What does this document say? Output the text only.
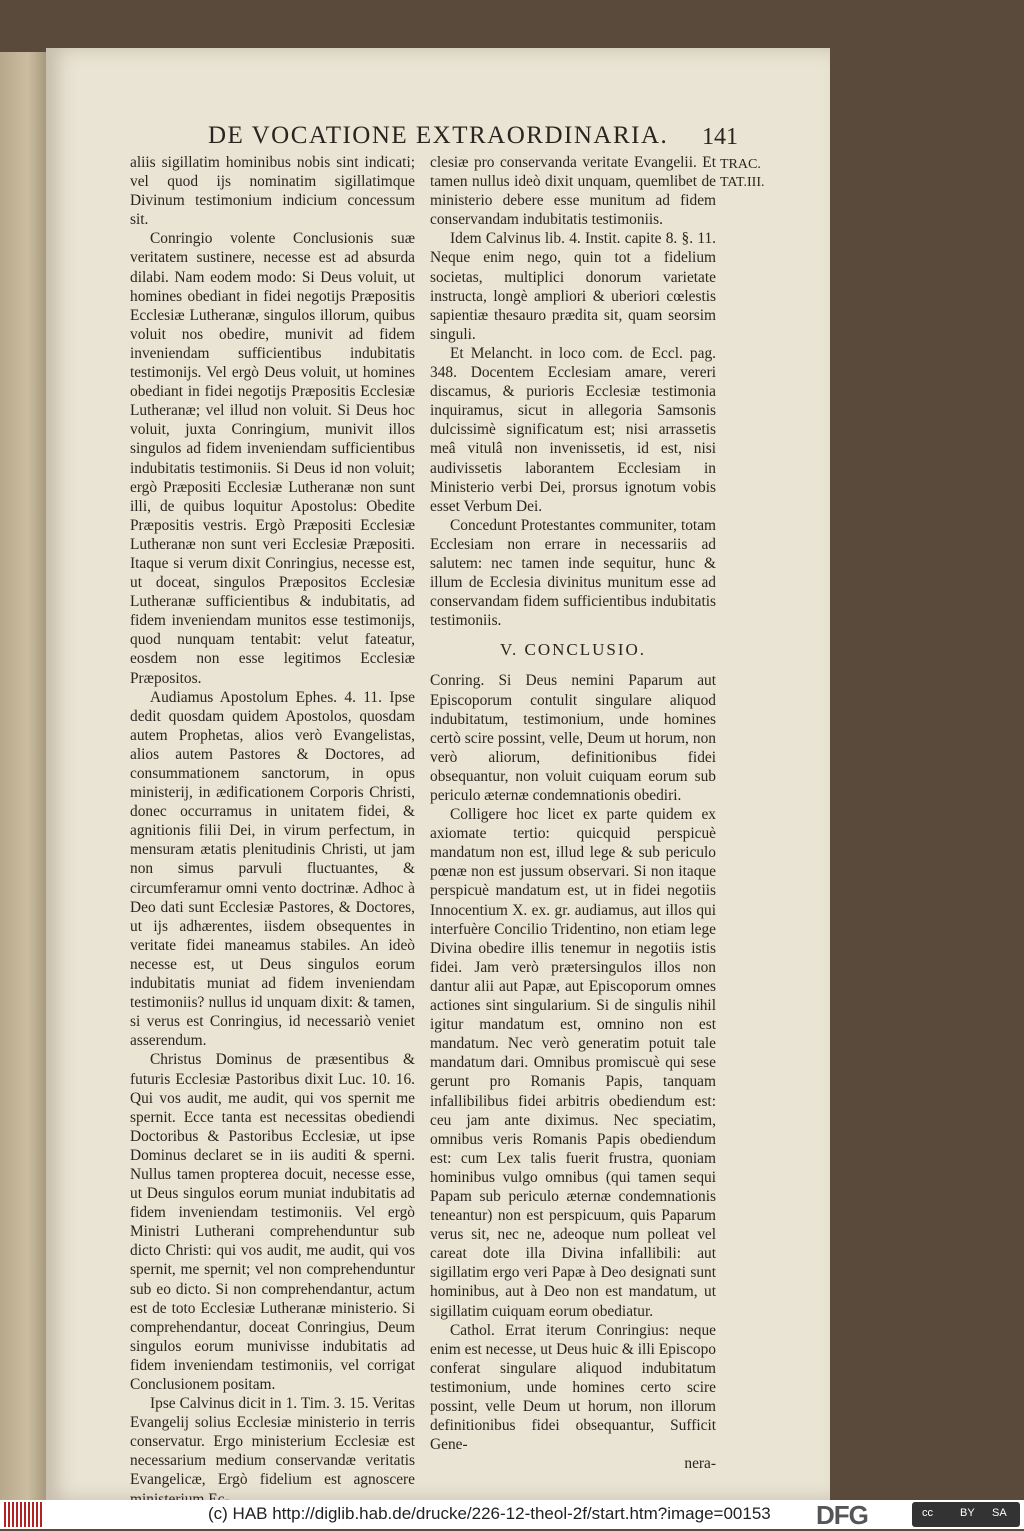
DE VOCATIONE EXTRAORDINARIA.	141
TRAC. TAT.III.

aliis sigillatim hominibus nobis sint indicati; vel quod ijs nominatim sigillatimque Divinum testimonium indicium concessum sit.

Conringio volente Conclusionis suæ veritatem sustinere, necesse est ad absurda dilabi. Nam eodem modo: Si Deus voluit, ut homines obediant in fidei negotijs Præpositis Ecclesiæ Lutheranæ, singulos illorum, quibus voluit nos obedire, munivit ad fidem inveniendam sufficientibus indubitatis testimonijs. Vel ergò Deus voluit, ut homines obediant in fidei negotijs Præpositis Ecclesiæ Lutheranæ; vel illud non voluit. Si Deus hoc voluit, juxta Conringium, munivit illos singulos ad fidem inveniendam sufficientibus indubitatis testimoniis. Si Deus id non voluit; ergò Præpositi Ecclesiæ Lutheranæ non sunt illi, de quibus loquitur Apostolus: Obedite Præpositis vestris. Ergò Præpositi Ecclesiæ Lutheranæ non sunt veri Ecclesiæ Præpositi. Itaque si verum dixit Conringius, necesse est, ut doceat, singulos Præpositos Ecclesiæ Lutheranæ sufficientibus & indubitatis, ad fidem inveniendam munitos esse testimonijs, quod nunquam tentabit: velut fateatur, eosdem non esse legitimos Ecclesiæ Præpositos.

Audiamus Apostolum Ephes. 4. 11. Ipse dedit quosdam quidem Apostolos, quosdam autem Prophetas, alios verò Evangelistas, alios autem Pastores & Doctores, ad consummationem sanctorum, in opus ministerij, in ædificationem Corporis Christi, donec occurramus in unitatem fidei, & agnitionis filii Dei, in virum perfectum, in mensuram ætatis plenitudinis Christi, ut jam non simus parvuli fluctuantes, & circumferamur omni vento doctrinæ. Adhoc à Deo dati sunt Ecclesiæ Pastores, & Doctores, ut ijs adhærentes, iisdem obsequentes in veritate fidei maneamus stabiles. An ideò necesse est, ut Deus singulos eorum indubitatis muniat ad fidem inveniendam testimoniis? nullus id unquam dixit: & tamen, si verus est Conringius, id necessariò veniet asserendum.

Christus Dominus de præsentibus & futuris Ecclesiæ Pastoribus dixit Luc. 10. 16. Qui vos audit, me audit, qui vos spernit me spernit. Ecce tanta est necessitas obediendi Doctoribus & Pastoribus Ecclesiæ, ut ipse Dominus declaret se in iis auditi & sperni. Nullus tamen propterea docuit, necesse esse, ut Deus singulos eorum muniat indubitatis ad fidem inveniendam testimoniis. Vel ergò Ministri Lutherani comprehenduntur sub dicto Christi: qui vos audit, me audit, qui vos spernit, me spernit; vel non comprehenduntur sub eo dicto. Si non comprehendantur, actum est de toto Ecclesiæ Lutheranæ ministerio. Si comprehendantur, doceat Conringius, Deum singulos eorum munivisse indubitatis ad fidem inveniendam testimoniis, vel corrigat Conclusionem positam.

Ipse Calvinus dicit in 1. Tim. 3. 15. Veritas Evangelij solius Ecclesiæ ministerio in terris conservatur. Ergo ministerium Ecclesiæ est necessarium medium conservandæ veritatis Evangelicæ, Ergò fidelium est agnoscere

clesiæ pro conservanda veritate Evangelii. Et tamen nullus ideò dixit unquam, quemlibet de ministerio debere esse munitum ad fidem conservandam indubitatis testimoniis.

Idem Calvinus lib. 4. Instit. capite 8. §. 11. Neque enim nego, quin tot a fidelium societas, multiplici donorum varietate instructa, longè ampliori & uberiori cœlestis sapientiæ thesauro prædita sit, quam seorsim singuli.

Et Melancht. in loco com. de Eccl. pag. 348. Docentem Ecclesiam amare, vereri discamus, & purioris Ecclesiæ testimonia inquiramus, sicut in allegoria Samsonis dulcissimè significatum est; nisi arrassetis meâ vitulâ non invenissetis, id est, nisi audivissetis laborantem Ecclesiam in Ministerio verbi Dei, prorsus ignotum vobis esset Verbum Dei.

Concedunt Protestantes communiter, totam Ecclesiam non errare in necessariis ad salutem: nec tamen inde sequitur, hunc & illum de Ecclesia divinitus munitum esse ad conservandam fidem sufficientibus indubitatis testimoniis.

V. CONCLUSIO.

Conring. Si Deus nemini Paparum aut Episcoporum contulit singulare aliquod indubitatum, testimonium, unde homines certò scire possint, velle, Deum ut horum, non verò aliorum, definitionibus fidei obsequantur, non voluit cuiquam eorum sub periculo æternæ condemnationis obediri.

Colligere hoc licet ex parte quidem ex axiomate tertio: quicquid perspicuè mandatum non est, illud lege & sub periculo pœnæ non est jussum observari. Si non itaque perspicuè mandatum est, ut in fidei negotiis Innocentium X. ex. gr. audiamus, aut illos qui interfuère Concilio Tridentino, non etiam lege Divina obedire illis tenemur in negotiis istis fidei. Jam verò prætersingulos illos non dantur alii aut Papæ, aut Episcoporum omnes actiones sint singularium. Si de singulis nihil igitur mandatum est, omnino non est mandatum. Nec verò generatim potuit tale mandatum dari. Omnibus promiscuè qui sese gerunt pro Romanis Papis, tanquam infallibilibus fidei arbitris obediendum est: ceu jam ante diximus. Nec speciatim, omnibus veris Romanis Papis obediendum est: cum Lex talis fuerit frustra, quoniam hominibus vulgo omnibus (qui tamen sequi Papam sub periculo æternæ condemnationis teneantur) non est perspicuum, quis Paparum verus sit, nec ne, adeoque num polleat vel careat dote illa Divina infallibili: aut sigillatim ergo veri Papæ à Deo designati sunt hominibus, aut à Deo non est mandatum, ut sigillatim cuiquam eorum obediatur.

Cathol. Errat iterum Conringius: neque enim est necesse, ut Deus huic & illi Episcopo conferat singulare aliquod indubitatum testimonium, unde homines certo scire possint, velle Deum ut horum, non illorum definitionibus fidei obsequantur, Sufficit Gene-

nera-

(c) HAB http://diglib.hab.de/drucke/226-12-theol-2f/start.htm?image=00153 DFG	cc BY SA
